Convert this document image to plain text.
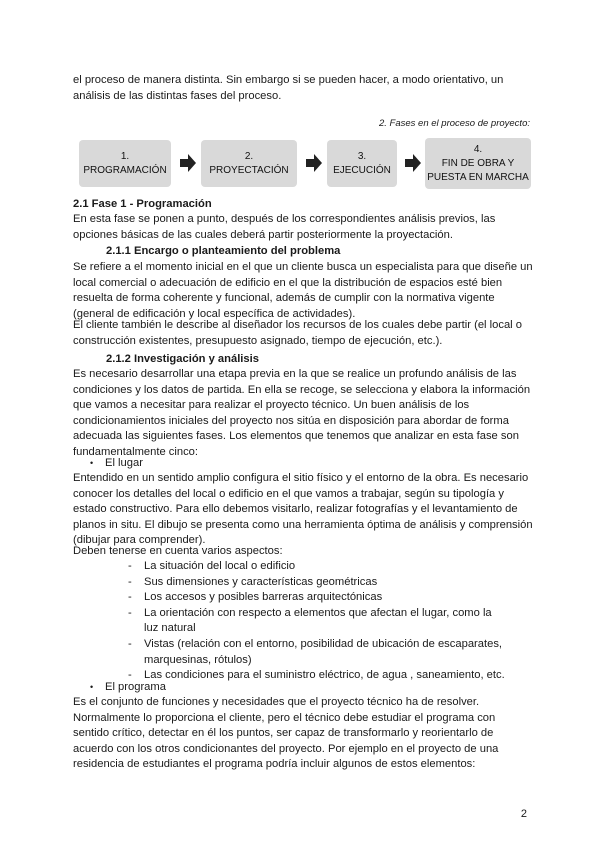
el proceso de manera distinta. Sin embargo si se pueden hacer, a modo orientativo, un análisis de las distintas fases del proceso.

2. Fases en el proceso de proyecto:

1.
PROGRAMACIÓN
2.
PROYECTACIÓN
3.
EJECUCIÓN
4.
FIN DE OBRA Y
PUESTA EN MARCHA

2.1 Fase 1 - Programación

En esta fase se ponen a punto, después de los correspondientes análisis previos, las opciones básicas de las cuales deberá partir posteriormente la proyectación.

2.1.1 Encargo o planteamiento del problema

Se refiere a el momento inicial en el que un cliente busca un especialista para que diseñe un local comercial o adecuación de edificio en el que la distribución de espacios esté bien resuelta de forma coherente y funcional, además de cumplir con la normativa vigente (general de edificación y local específica de actividades).

El cliente también le describe al diseñador los recursos de los cuales debe partir (el local o construcción existentes, presupuesto asignado, tiempo de ejecución, etc.).

2.1.2 Investigación y análisis

Es necesario desarrollar una etapa previa en la que se realice un profundo análisis de las condiciones y los datos de partida. En ella se recoge, se selecciona y elabora la información que vamos a necesitar para realizar el proyecto técnico. Un buen análisis de los condicionamientos iniciales del proyecto nos sitúa en disposición para abordar de forma adecuada las siguientes fases. Los elementos que tenemos que analizar en esta fase son fundamentalmente cinco:

• El lugar

Entendido en un sentido amplio configura el sitio físico y el entorno de la obra. Es necesario conocer los detalles del local o edificio en el que vamos a trabajar, según su tipología y estado constructivo. Para ello debemos visitarlo, realizar fotografías y el levantamiento de planos in situ. El dibujo se presenta como una herramienta óptima de análisis y comprensión (dibujar para comprender).

Deben tenerse en cuenta varios aspectos:

- La situación del local o edificio
- Sus dimensiones y características geométricas
- Los accesos y posibles barreras arquitectónicas
- La orientación con respecto a elementos que afectan el lugar, como la luz natural
- Vistas (relación con el entorno, posibilidad de ubicación de escaparates, marquesinas, rótulos)
- Las condiciones para el suministro eléctrico, de agua , saneamiento, etc.

• El programa

Es el conjunto de funciones y necesidades que el proyecto técnico ha de resolver. Normalmente lo proporciona el cliente, pero el técnico debe estudiar el programa con sentido crítico, detectar en él los puntos, ser capaz de transformarlo y reorientarlo de acuerdo con los otros condicionantes del proyecto. Por ejemplo en el proyecto de una residencia de estudiantes el programa podría incluir algunos de estos elementos:

2
